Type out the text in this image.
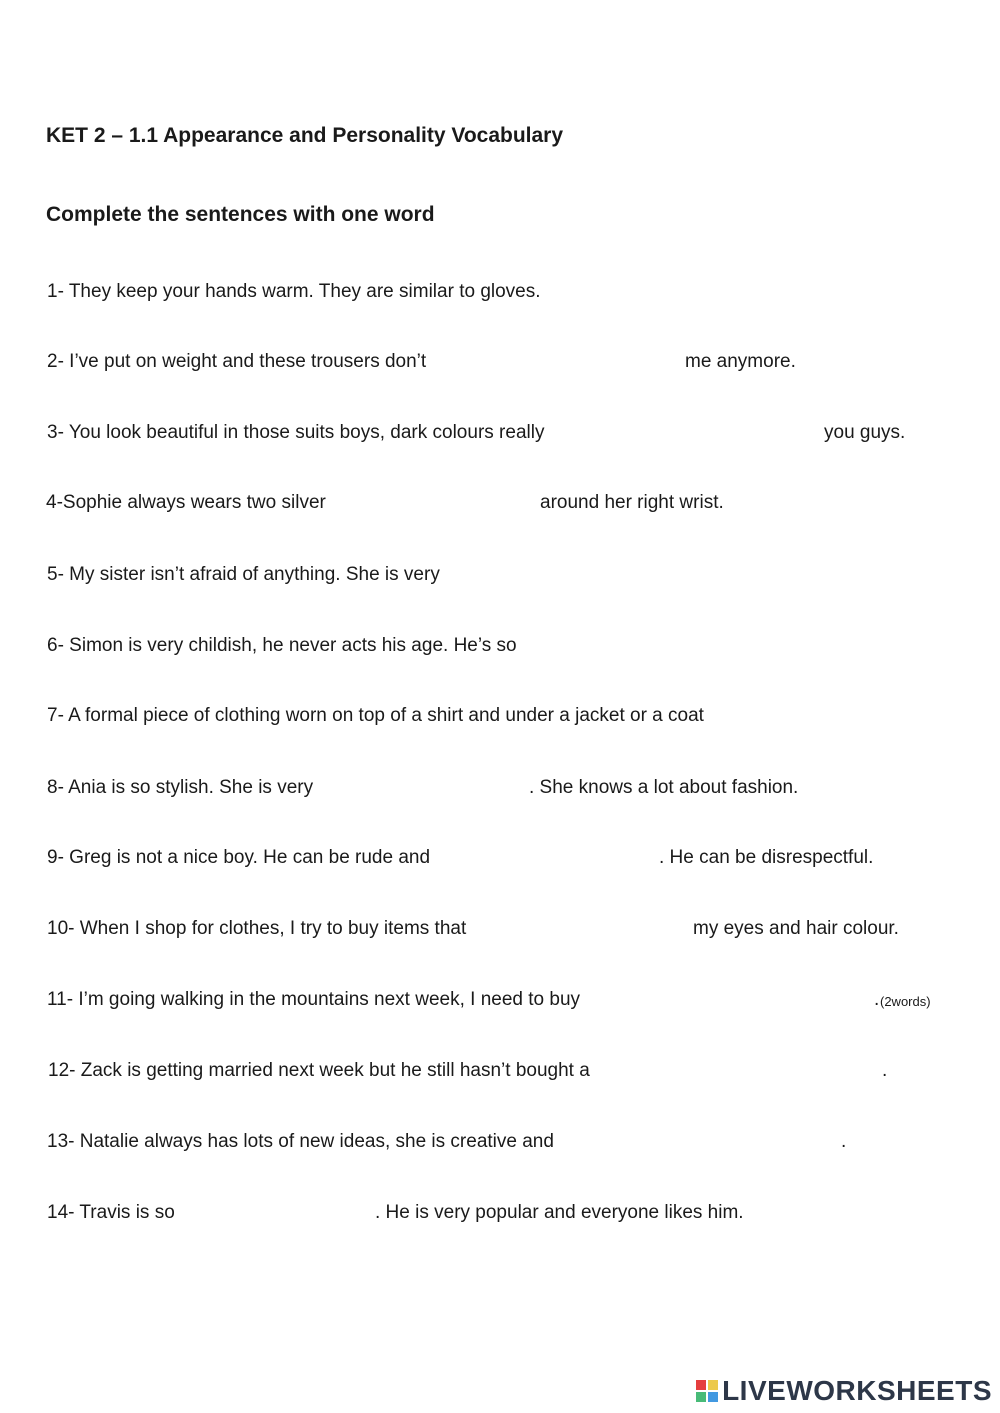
KET 2 – 1.1 Appearance and Personality Vocabulary
Complete the sentences with one word
1- They keep your hands warm. They are similar to gloves.
2- I’ve put on weight and these trousers don’t	me anymore.
3- You look beautiful in those suits boys, dark colours really	you guys.
4-Sophie always wears two silver	around her right wrist.
5- My sister isn’t afraid of anything. She is very
6- Simon is very childish, he never acts his age. He’s so
7- A formal piece of clothing worn on top of a shirt and under a jacket or a coat
8- Ania is so stylish. She is very	. She knows a lot about fashion.
9- Greg is not a nice boy. He can be rude and	. He can be disrespectful.
10- When I shop for clothes, I try to buy items that	my eyes and hair colour.
11- I’m going walking in the mountains next week, I need to buy	. (2words)
12- Zack is getting married next week but he still hasn’t bought a	.
13- Natalie always has lots of new ideas, she is creative and	.
14- Travis is so	. He is very popular and everyone likes him.
LIVEWORKSHEETS
